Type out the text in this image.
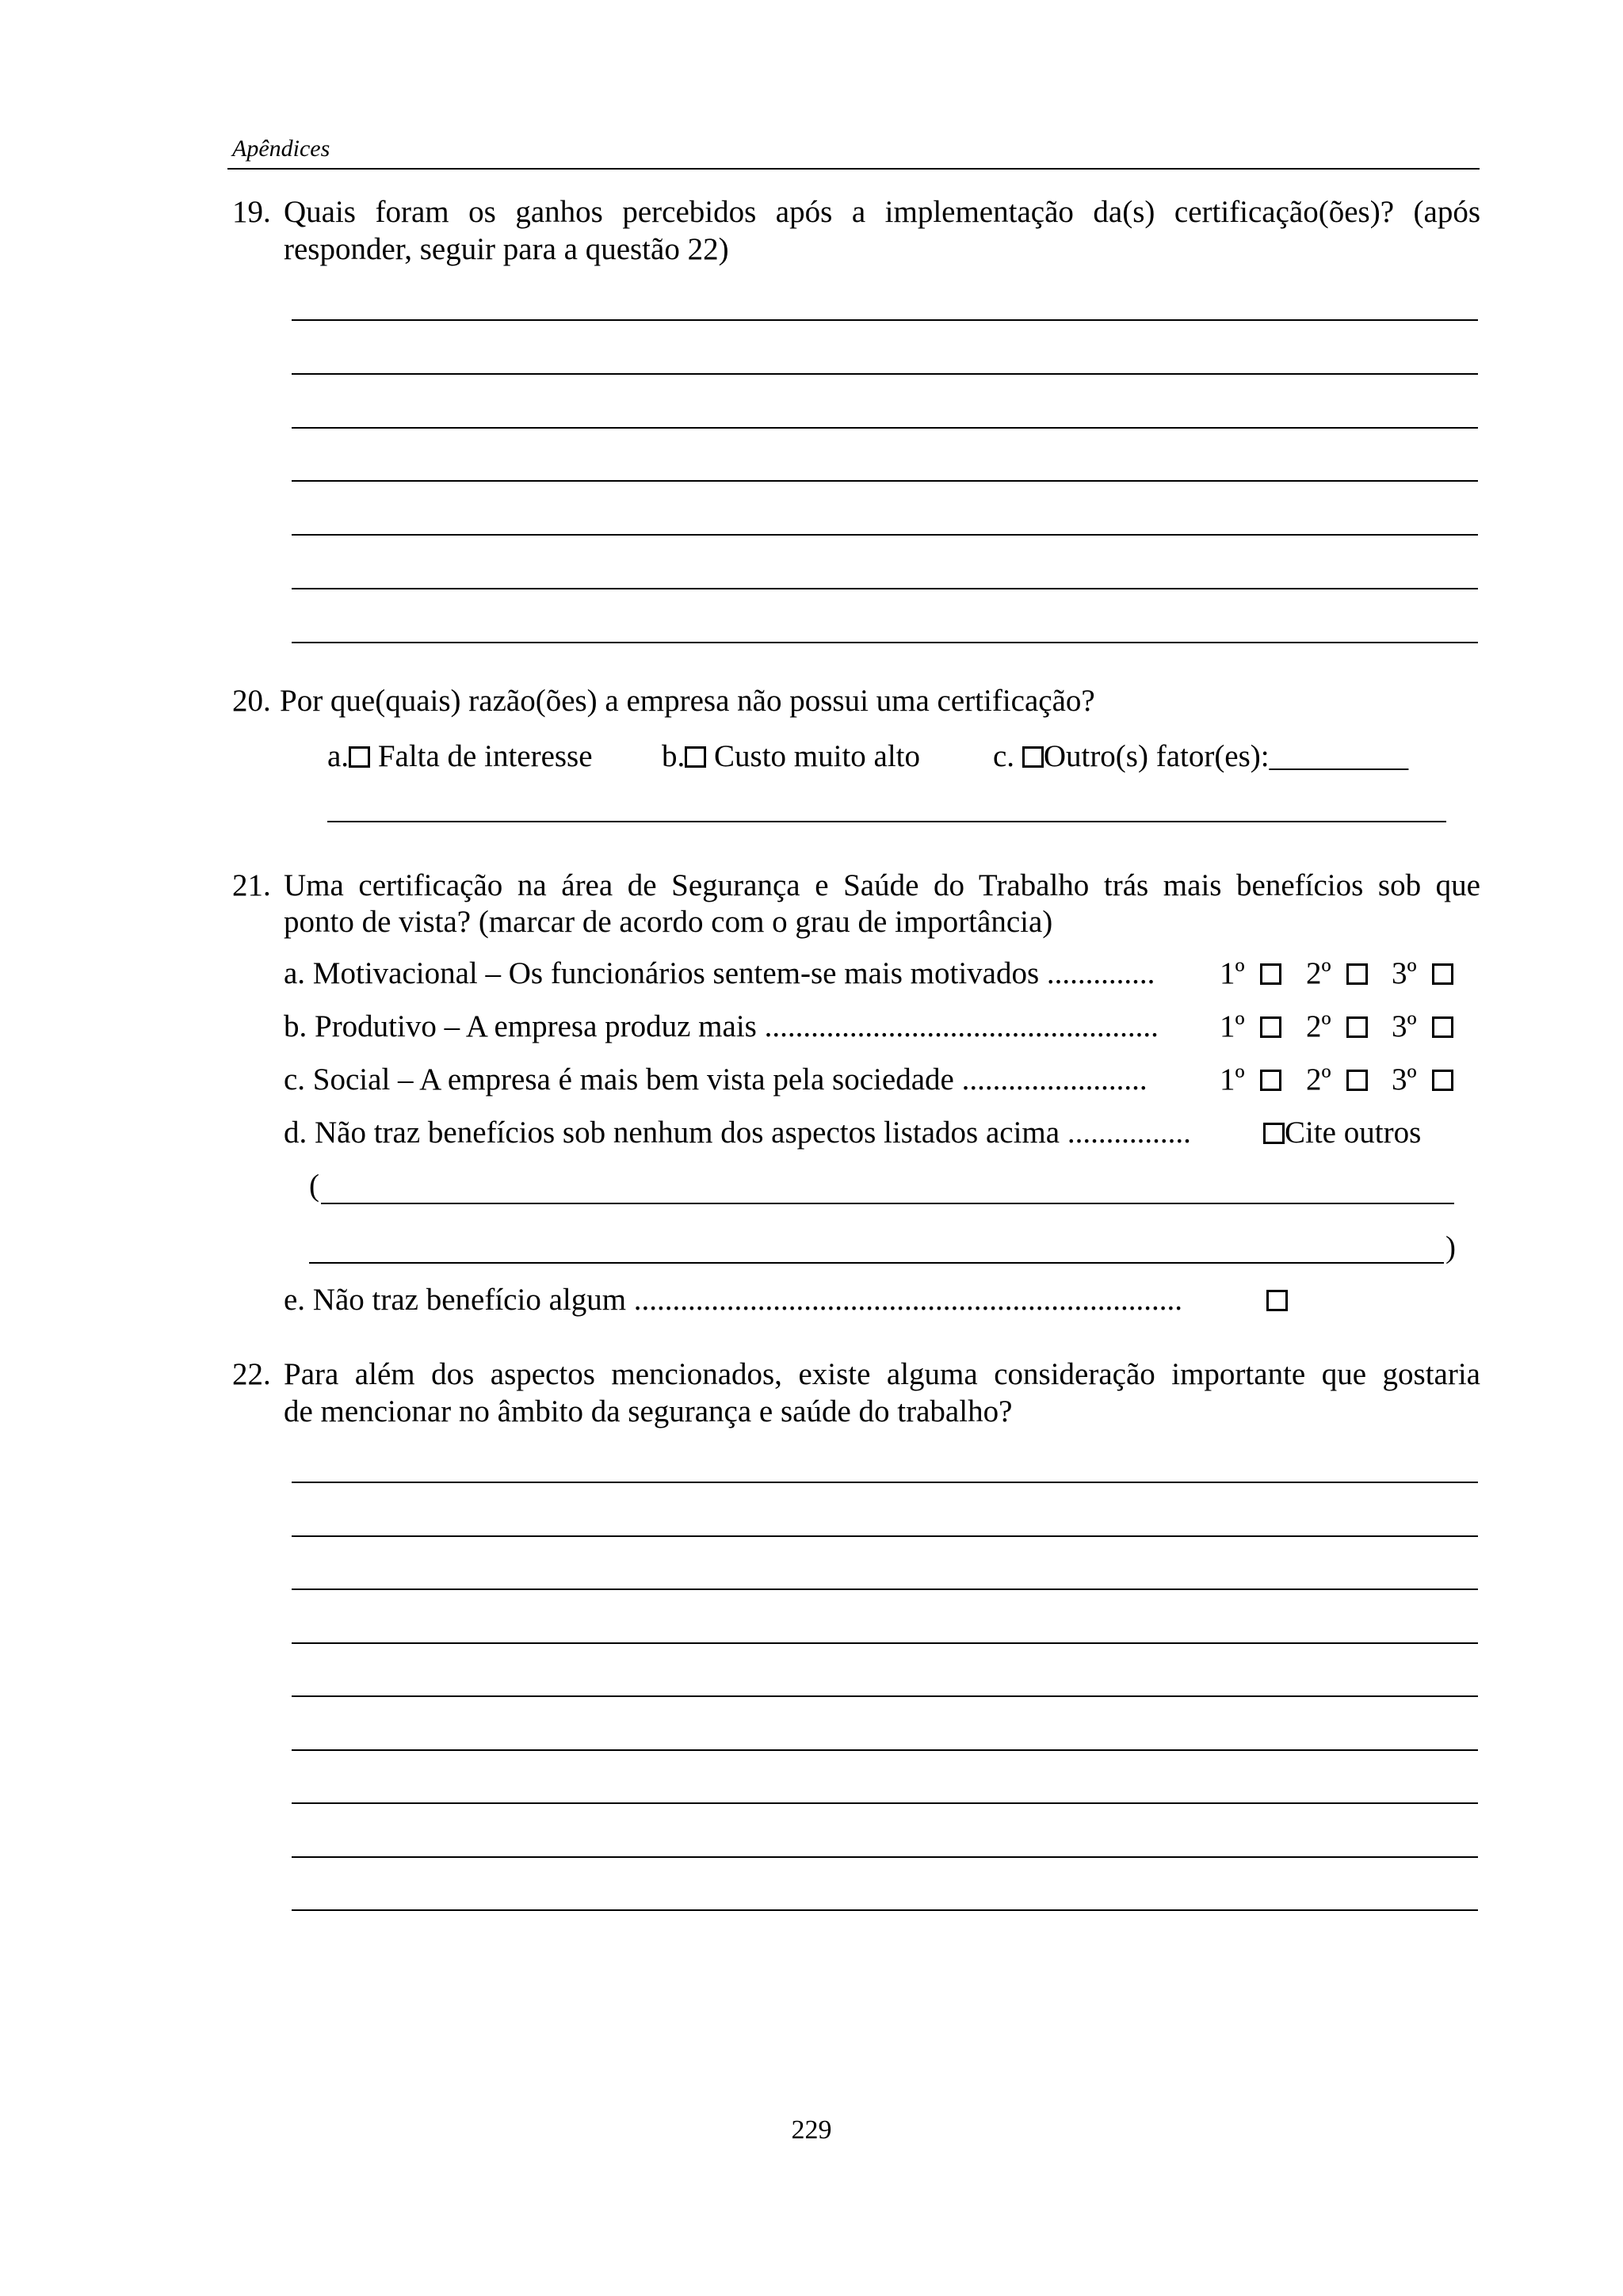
Apêndices
19. Quais foram os ganhos percebidos após a implementação da(s) certificação(ões)? (após
responder, seguir para a questão 22)
20. Por que(quais) razão(ões) a empresa não possui uma certificação?
a. Falta de interesse b. Custo muito alto c. Outro(s) fator(es):_________
21. Uma certificação na área de Segurança e Saúde do Trabalho trás mais benefícios sob que
ponto de vista? (marcar de acordo com o grau de importância)
a. Motivacional – Os funcionários sentem-se mais motivados .............. 1º	2º	3º
b. Produtivo – A empresa produz mais ................................................... 1º	2º	3º
c. Social – A empresa é mais bem vista pela sociedade ........................ 1º	2º	3º
d. Não traz benefícios sob nenhum dos aspectos listados acima ................	Cite outros
(
)
e. Não traz benefício algum .......................................................................
22. Para além dos aspectos mencionados, existe alguma consideração importante que gostaria
de mencionar no âmbito da segurança e saúde do trabalho?
229
